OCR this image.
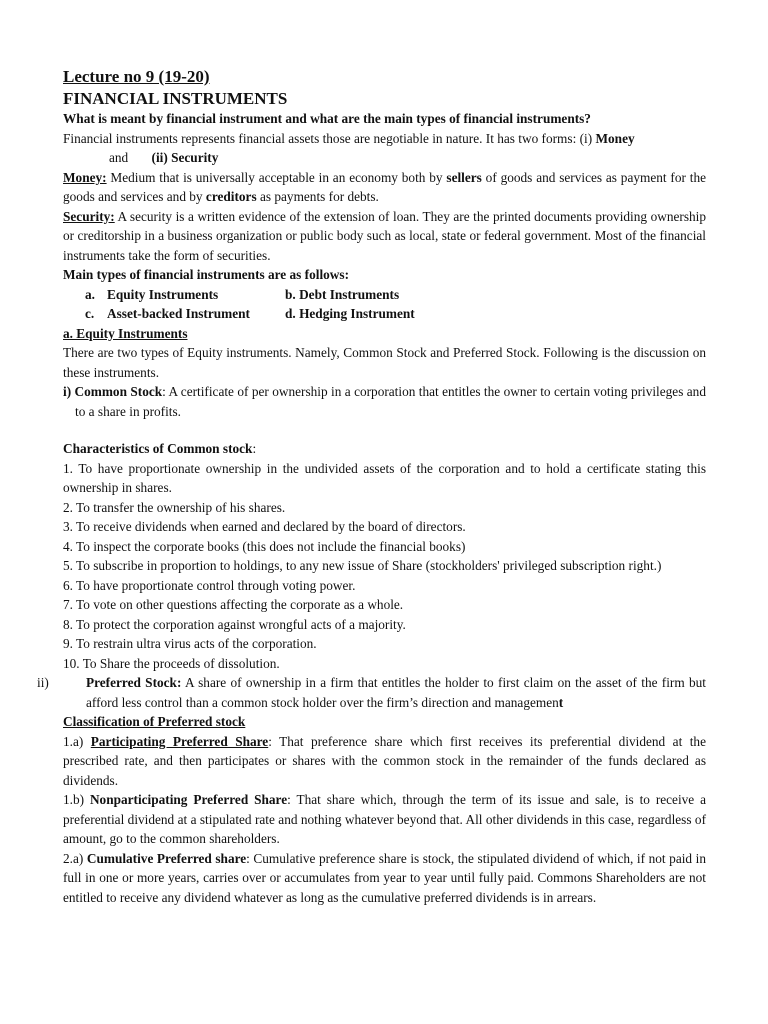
Lecture no 9 (19-20)
FINANCIAL INSTRUMENTS

What is meant by financial instrument and what are the main types of financial instruments?

Financial instruments represents financial assets those are negotiable in nature. It has two forms: (i) Money

and (ii) Security

Money: Medium that is universally acceptable in an economy both by sellers of goods and services as payment for the goods and services and by creditors as payments for debts.

Security: A security is a written evidence of the extension of loan. They are the printed documents providing ownership or creditorship in a business organization or public body such as local, state or federal government. Most of the financial instruments take the form of securities.

Main types of financial instruments are as follows:

a. Equity Instruments	b. Debt Instruments
c. Asset-backed Instrument	d. Hedging Instrument

a. Equity Instruments

There are two types of Equity instruments. Namely, Common Stock and Preferred Stock. Following is the discussion on these instruments.

i) Common Stock: A certificate of per ownership in a corporation that entitles the owner to certain voting privileges and to a share in profits.

Characteristics of Common stock:

1. To have proportionate ownership in the undivided assets of the corporation and to hold a certificate stating this ownership in shares.

2. To transfer the ownership of his shares.

3. To receive dividends when earned and declared by the board of directors.

4. To inspect the corporate books (this does not include the financial books)

5. To subscribe in proportion to holdings, to any new issue of Share (stockholders' privileged subscription right.)

6. To have proportionate control through voting power.

7. To vote on other questions affecting the corporate as a whole.

8. To protect the corporation against wrongful acts of a majority.

9. To restrain ultra virus acts of the corporation.

10. To Share the proceeds of dissolution.

ii)	Preferred Stock: A share of ownership in a firm that entitles the holder to first claim on the asset of the firm but afford less control than a common stock holder over the firm’s direction and management

Classification of Preferred stock

1.a) Participating Preferred Share: That preference share which first receives its preferential dividend at the prescribed rate, and then participates or shares with the common stock in the remainder of the funds declared as dividends.

1.b) Nonparticipating Preferred Share: That share which, through the term of its issue and sale, is to receive a preferential dividend at a stipulated rate and nothing whatever beyond that. All other dividends in this case, regardless of amount, go to the common shareholders.

2.a) Cumulative Preferred share: Cumulative preference share is stock, the stipulated dividend of which, if not paid in full in one or more years, carries over or accumulates from year to year until fully paid. Commons Shareholders are not entitled to receive any dividend whatever as long as the cumulative preferred dividends is in arrears.
